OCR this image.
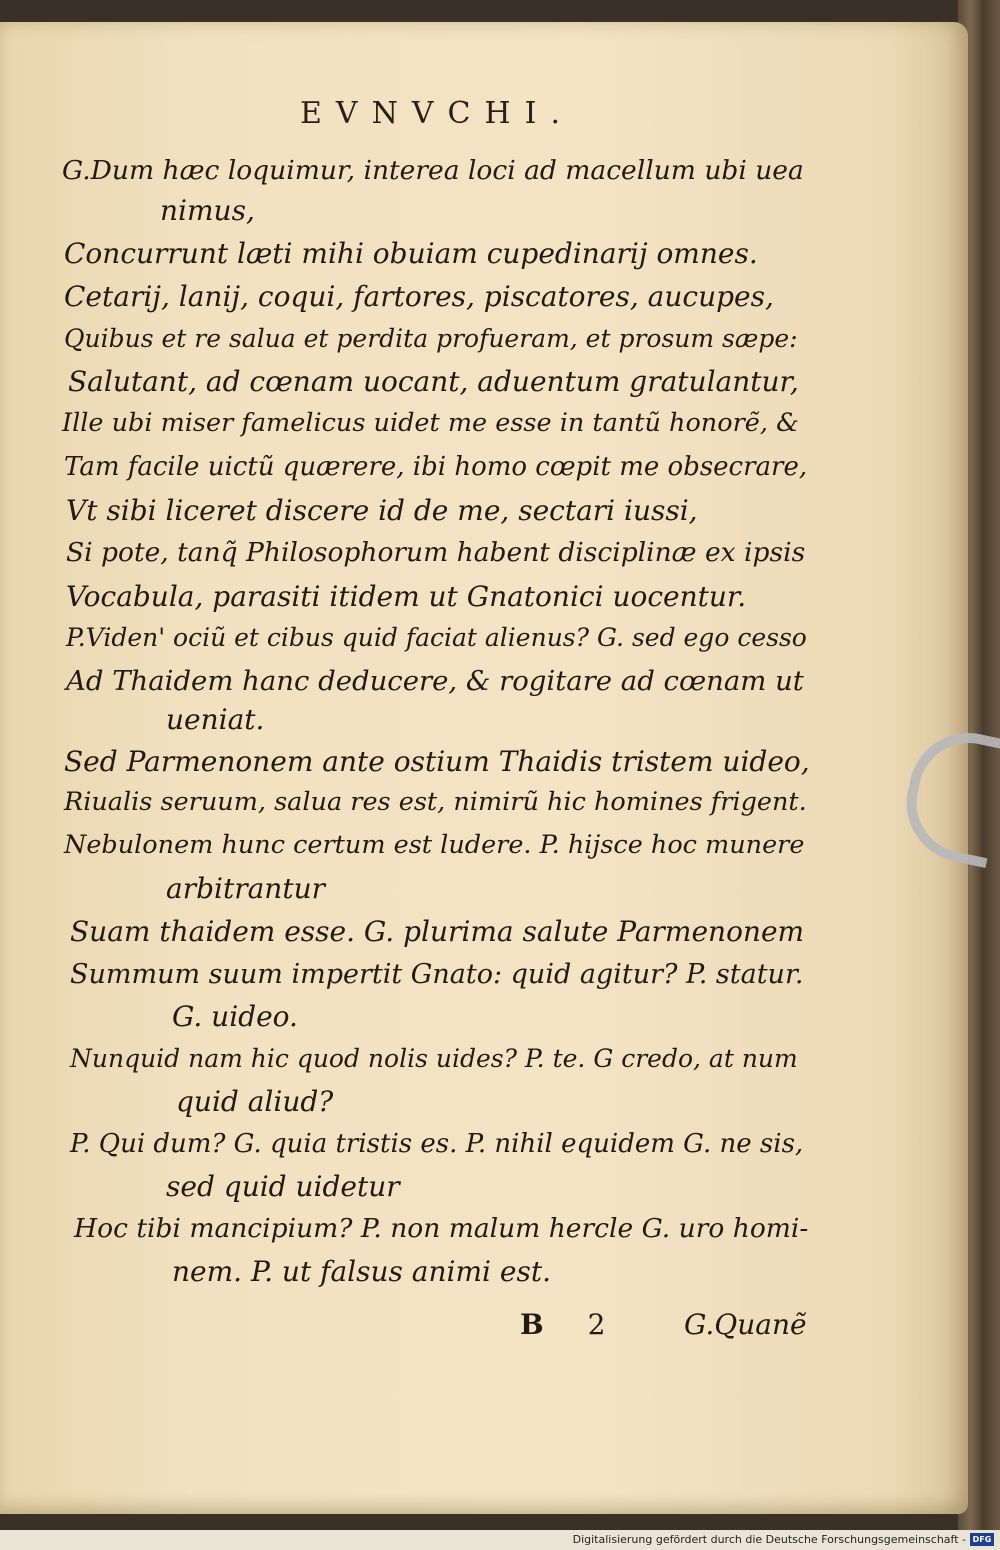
EVNVCHI.
G.Dum hæc loquimur, interea loci ad macellum ubi uea
nimus,
Concurrunt læti mihi obuiam cupedinarij omnes.
Cetarij, lanij, coqui, fartores, piscatores, aucupes,
Quibus et re salua et perdita profueram, et prosum sæpe:
Salutant, ad cœnam uocant, aduentum gratulantur,
Ille ubi miser famelicus uidet me esse in tantũ honorẽ, &
Tam facile uictũ quærere, ibi homo cœpit me obsecrare,
Vt sibi liceret discere id de me, sectari iussi,
Si pote, tanq̃ Philosophorum habent disciplinæ ex ipsis
Vocabula, parasiti itidem ut Gnatonici uocentur.
P.Viden' ociũ et cibus quid faciat alienus? G. sed ego cesso
Ad Thaidem hanc deducere, & rogitare ad cœnam ut
ueniat.
Sed Parmenonem ante ostium Thaidis tristem uideo,
Riualis seruum, salua res est, nimirũ hic homines frigent.
Nebulonem hunc certum est ludere. P. hijsce hoc munere
arbitrantur
Suam thaidem esse. G. plurima salute Parmenonem
Summum suum impertit Gnato: quid agitur? P. statur.
G. uideo.
Nunquid nam hic quod nolis uides? P. te. G credo, at num
quid aliud?
P. Qui dum? G. quia tristis es. P. nihil equidem G. ne sis,
sed quid uidetur
Hoc tibi mancipium? P. non malum hercle G. uro homi-
nem. P. ut falsus animi est.
B 2	G.Quanẽ
Digitalisierung gefördert durch die Deutsche Forschungsgemeinschaft - DFG
